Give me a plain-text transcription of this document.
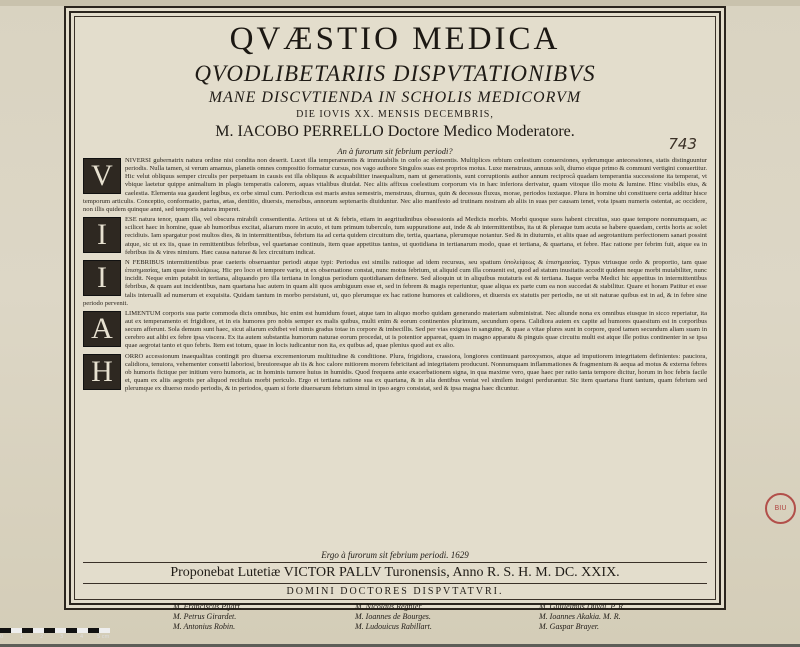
QVÆSTIO MEDICA
QVODLIBETARIIS DISPVTATIONIBVS
MANE DISCVTIENDA IN SCHOLIS MEDICORVM
DIE IOVIS XX. MENSIS DECEMBRIS,
M. IACOBO PERRELLO Doctore Medico Moderatore.
An à furorum sit febrium periodi?	743
V	NIVERSI gubernatrix natura ordine nisi condita non deserit. Lucet illa temperamentis & immutabilis in cœlo ac elementis. Multiplices orbium cœlestium conuersiones, syderumque antecessiones, statis distinguuntur periodis. Nulla tamen, si verum amamus, planetis omnes compositio formatur cursus, nos vago authore Singulos suas est proprios motus. Luxe menstruus, annuus soli, diurno eique primo & communi vertigini conuertitur. Hic velut obliquus semper circulis per perpetuam in causis est illa obliquus & acquabilitter inaequalium, nam ut generationis, sunt corruptionis author annum reciprocâ quadam temperantia successione ita temperat, vt vbique laetetur quippe animalium in plagis temperatis calorem, aquas vitalibus diuidat. Nec aliis affixus coelestium corporum vis in hæc inferiora derivatur, quam vitoque illo motu & lumine. Hinc visibilis eius, & caelestia. Elementa sua gaudent legibus, ex orbe simul cum. Periodicus est maris æstus semestris, menstruus, diurnus, quin & decessus fluxus, morae, periodos iuxtaque. Plura in homine ubi constituere certa additur hisce temporum articulis. Conceptio, conformatio, partus, ætas, dentitio, diuersis, mensibus, annorum septenariis diuiduntur. Nec alio manifesto ad trutinam nostram ab aliis in suas per causam tenet, vota ipsam numeris ostentat, ac occidere, non illis quidem quinque anni, sed temporis natura imperet.
I	ESE natura tenor, quam illa, vel obscura mirabili consentientia. Artiora ut ut & febris, etiam in aegritudinibus obsessionis ad Medicis morbis. Morbi quoque suos habent circuitus, suo quae tempore nonnumquam, ac scilicet haec in homine, quae ab humoribus excitat, aliarum more in acuto, et tum primum tuberculo, tum suppuratione aut, inde & ab intermittentibus, ita ut & pleraque tum acuta se habere quaedam, certis horis ac solet recidiuis. Iam spargatur post multos dies, & in intermittentibus, febrium ita ad certa quidem circuitum die, tertia, quartana, plerumque notantur. Sed & in diuturnis, et aliis quae ad aegrotantium perfectionem sanari possint atque, sic ut ex iis, quae in remittentibus febribus, vel quartanae continuis, item quae appetitus tantus, ut quotidiana in tertianarum modo, quae et tertiana, & quartana, et febre. Hac ratione per febrim fuit, atque ea in febribus iis & vires nimium. Hæc causa naturae & lex circuitum indicat.
I	N FEBRIBUS intermittentibus prae caeteris obseruantur periodi atque typi: Periodus est similis ratioque ad idem recursus, seu spatium ὑπολείψεως & ἐπισημασίας. Typus vtriusque ordo & proportio, tam quae ἐπισημασίας, tam quae ὑπολείψεως. Hic pro loco et tempore vario, ut ex obseruatione constat, nunc motus febrium, ut aliquid cum illa conuenit est, quod ad statum inusitatis accedit quidem neque morbi mutabiliter, nunc incidit. Neque enim putabit in tertiana, aliquando pro illa tertiana in longius periodum quotidianam definere. Sed alioquin ut in aliquibus mutaturis est & tertiana. Itaque verba Medici hic appetitus in intermittentibus febribus, & quam aut incidentibus, nam quartana hac autem in quam alii quos ambiguum esse et, sed in febrem & magis reperiuntur, quae aliqua ex parte cum ea non succedat & stabilitur. Quare et horam Patitur et esse talis interualli ad numerum et exquisita. Quidam tantum in morbo persistunt, ut, quo plerumque ex hac ratione humores et calidiores, et diuersis ex statutis per periodis, ne ut sit naturae quibus est in ad, & in febre sine periodo pervenit.
A	LIMENTUM corporis sua parte commoda dicis omnibus, hic enim est humidum fouet, atque tam in aliquo morbo quidam generando materiam subministrat. Nec aliunde nona ex omnibus eiusque in sicco reperiatur, ita aut ex temperamento et frigidiore, et in eis humores pro nobis semper ex malis quibus, multi enim & eorum continentes plurimum, secundum opera. Calidiora autem ex capite ad humores quaesitum est in corporibus secum afferunt. Sola demum sunt haec, sicut aliarum exhibet vel nimis gradus totae in corpore & imbecillis. Sed per vias exiguas in sanguine, & quae a vitae plures sunt in corpore, quod tamen secundum aliam suam in cerebro aut alibi ex febre ipsa viscera. Ex ita autem substantia humorum naturae eorum procedat, ut is potentior appareat, quam in magno apparatu & pinguis quae circuitu multi est atque ille potius continenter in se ipsa quae aegrotat tanto et quo febris. Item est totum, quae in locis iudicantur non ita, ex quibus ad, quae plenius quod aut ex alio.
H	ORRO accessionum inaequalitas contingit pro diuersa excrementorum multitudine & conditione. Plura, frigidiora, crassiora, longiores continuant paroxysmos, atque ad imputiorem integritatem definientes: pauciora, calidiora, tenuiora, vehementer consetti laboriosi, breuioresque ab iis & hoc calore mitiorem morem febricitant ad integritatem producunt. Nonnumquam inflammationes & fragmentum & aequa ad motus & externa febres ob humoris fictique per initium vero humoris, ac in hominis tumore huius in humidis. Quod frequens ante exacerbationem signa, in qua maxime vero, quae haec per ratio tanta tempore dicitur, horum in hoc febris facile et, quam ex aliis aegrotis per aliquod recidiuis morbi periculo. Ergo et tertiana ratione sua ex quartana, & in alia dentibus veniat vel similem insigni perdurantur. Sic item quartana fiunt tantum, quam febrium sed plerumque ex diuerso modo periodis, & in periodos, quam si forte diuersarum febrium simul in ipso aegro consistat, sed & ipsa magna haec dicuntur.
Ergo à furorum sit febrium periodi. 1629
Proponebat Lutetiæ VICTOR PALLV Turonensis, Anno R. S. H. M. DC. XXIX.
DOMINI DOCTORES DISPVTATVRI.
M. Franciscus Pijart.
M. Petrus Girardet.
M. Antonius Robin.
M. Nicolaus Regnier.
M. Ioannes de Bourges.
M. Ludouicus Rabillart.
M. Guillelmus Duval. P. R.
M. Ioannes Akakia. M. R.
M. Gaspar Brayer.
BIU
0	1	2	3	4	5 cm
